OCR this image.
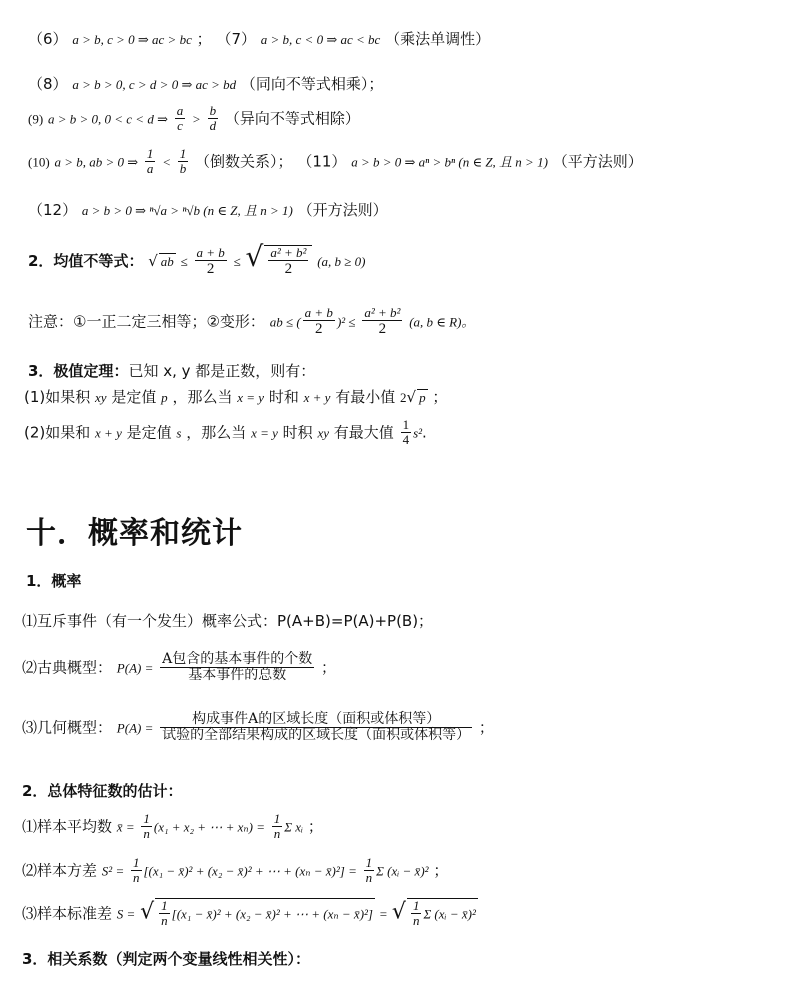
（6） a > b, c > 0 ⇒ ac > bc ； （7） a > b, c < 0 ⇒ ac < bc （乘法单调性）
（8） a > b > 0, c > d > 0 ⇒ ac > bd （同向不等式相乘）；
(9) a > b > 0, 0 < c < d ⇒ $\frac{a}{c} > \frac{b}{d}$ （异向不等式相除）
(10) a > b, ab > 0 ⇒ $\frac{1}{a} < \frac{1}{b}$ （倒数关系）； （11） a > b > 0 ⇒ aⁿ > bⁿ (n ∈ Z, 且 n > 1) （平方法则）
（12） a > b > 0 ⇒ ⁿ√a > ⁿ√b (n ∈ Z, 且 n > 1) （开方法则）
2．均值不等式： √ ab ≤ $\frac{a + b}{2}$ ≤ √ $\frac{\text{a² + b²}}{2} (a$, b ≥ 0)
注意：①一正二定三相等；②变形： ab ≤ ( $\frac{a + b}{2} )^2 \le \frac{\text{a² + b²}}{2} (a$, b ∈ R)。
3．极值定理：已知 x, y 都是正数，则有：
(1)如果积 xy 是定值 p ，那么当 x = y 时和 x + y 有最小值 2√ p ；
(2)如果和 x + y 是定值 s ，那么当 x = y 时积 xy 有最大值 $\frac{1}{4} s^2$.
十．概率和统计
1．概率
⑴互斥事件（有一个发生）概率公式：P(A+B)=P(A)+P(B)；
⑵古典概型： $P(A) = \frac{\text{A包含的基本事件的个数}}{\text{基本事件的总数}}$ ；
⑶几何概型： $P(A) = \frac{\text{构成事件A的区域长度（面积或体积等）}}{\text{试验的全部结果构成的区域长度（面积或体积等）}}$ ；
2．总体特征数的估计：
⑴样本平均数 x̄ = $\frac{1}{n} (x_1 + x_2$ + ⋯ + $x_n) = \frac{1}{n}$ Σ xᵢ ；
⑵样本方差 $S^2 = \frac{1}{n} [(x_1$ − x̄)² + (x₂ − x̄)² + ⋯ + (xₙ − x̄)²] = $\frac{1}{n}$ Σ (xᵢ − x̄)² ；
⑶样本标准差 S = √ $\frac{1}{n} [(x_1$ − x̄)² + (x₂ − x̄)² + ⋯ + (xₙ − x̄)²] = √ $\frac{1}{n}$ Σ (xᵢ − x̄)²
3．相关系数（判定两个变量线性相关性）：
